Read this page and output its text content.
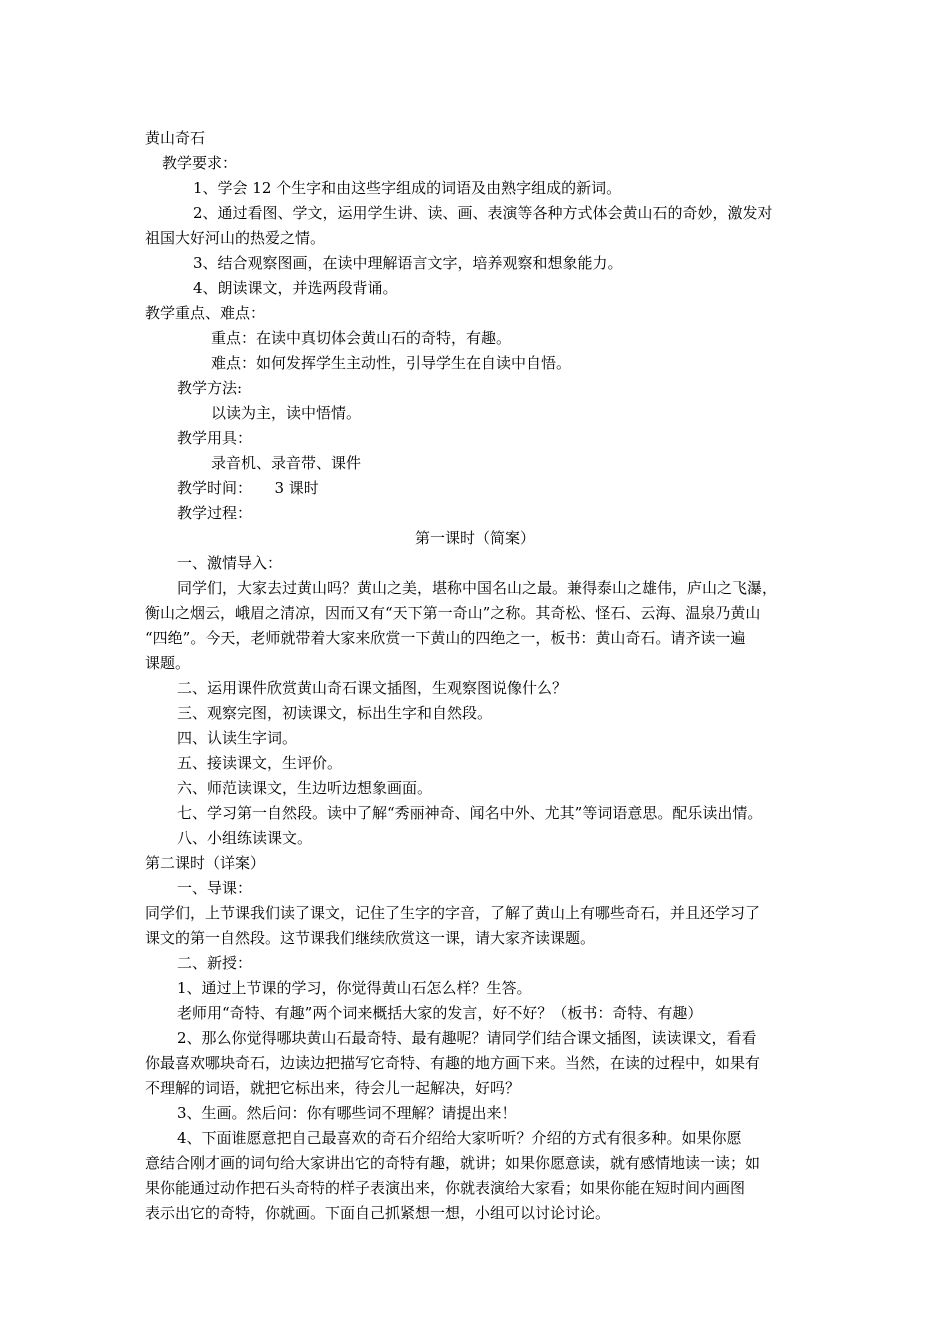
黄山奇石

教学要求：

1、学会 12 个生字和由这些字组成的词语及由熟字组成的新词。

2、通过看图、学文，运用学生讲、读、画、表演等各种方式体会黄山石的奇妙，激发对

祖国大好河山的热爱之情。

3、结合观察图画，在读中理解语言文字，培养观察和想象能力。

4、朗读课文，并选两段背诵。

教学重点、难点：

重点：在读中真切体会黄山石的奇特，有趣。

难点：如何发挥学生主动性，引导学生在自读中自悟。

教学方法:

以读为主，读中悟情。

教学用具：

录音机、录音带、课件

教学时间：　　3 课时

教学过程：

第一课时（简案）

一、激情导入：

同学们，大家去过黄山吗？黄山之美，堪称中国名山之最。兼得泰山之雄伟，庐山之飞瀑，

衡山之烟云，峨眉之清凉，因而又有“天下第一奇山”之称。其奇松、怪石、云海、温泉乃黄山

“四绝”。今天，老师就带着大家来欣赏一下黄山的四绝之一，板书：黄山奇石。请齐读一遍

课题。

二、运用课件欣赏黄山奇石课文插图，生观察图说像什么？

三、观察完图，初读课文，标出生字和自然段。

四、认读生字词。

五、接读课文，生评价。

六、师范读课文，生边听边想象画面。

七、学习第一自然段。读中了解“秀丽神奇、闻名中外、尤其”等词语意思。配乐读出情。

八、小组练读课文。

第二课时（详案）

一、导课：

同学们，上节课我们读了课文，记住了生字的字音，了解了黄山上有哪些奇石，并且还学习了

课文的第一自然段。这节课我们继续欣赏这一课，请大家齐读课题。

二、新授：

1、通过上节课的学习，你觉得黄山石怎么样？生答。

老师用“奇特、有趣”两个词来概括大家的发言，好不好？（板书：奇特、有趣）

2、那么你觉得哪块黄山石最奇特、最有趣呢？请同学们结合课文插图，读读课文，看看

你最喜欢哪块奇石，边读边把描写它奇特、有趣的地方画下来。当然，在读的过程中，如果有

不理解的词语，就把它标出来，待会儿一起解决，好吗？

3、生画。然后问：你有哪些词不理解？请提出来！

4、下面谁愿意把自己最喜欢的奇石介绍给大家听听？介绍的方式有很多种。如果你愿

意结合刚才画的词句给大家讲出它的奇特有趣，就讲；如果你愿意读，就有感情地读一读；如

果你能通过动作把石头奇特的样子表演出来，你就表演给大家看；如果你能在短时间内画图

表示出它的奇特，你就画。下面自己抓紧想一想，小组可以讨论讨论。
